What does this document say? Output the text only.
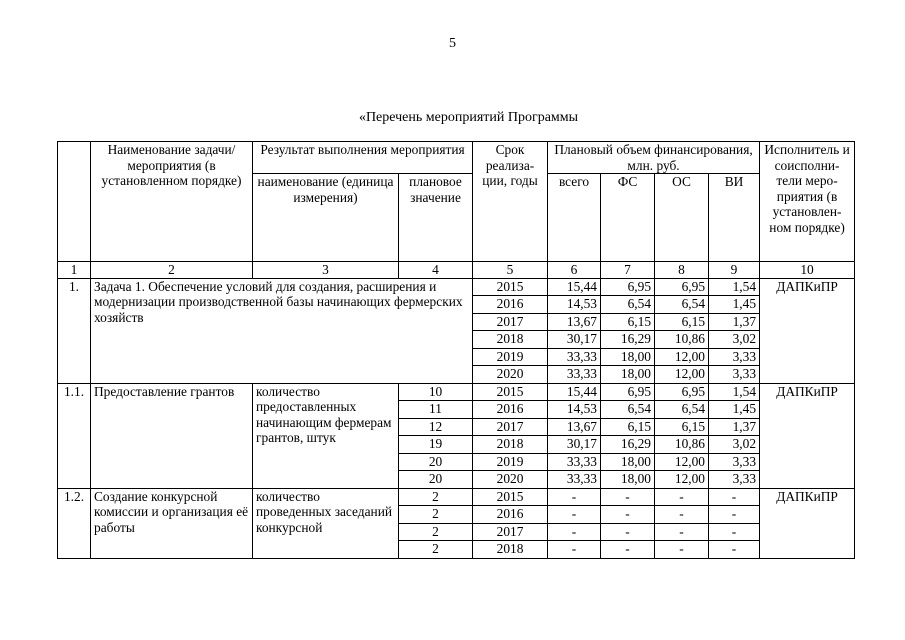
5
«Перечень мероприятий Программы
	Наименование задачи/мероприятия (в установленном порядке)	Результат выполнения мероприятия		Срок реализа-ции, годы	Плановый объем финансирования, млн. руб.				Исполнитель и соисполни-тели меро-приятия (в установлен-ном порядке)
		наименование (единица измерения)	плановое значение		всего	ФС	ОС	ВИ	
1	2	3	4	5	6	7	8	9	10
1.	Задача 1. Обеспечение условий для создания, расширения и модернизации производственной базы начинающих фермерских хозяйств			2015	15,44	6,95	6,95	1,54	ДАПКиПР
				2016	14,53	6,54	6,54	1,45	
				2017	13,67	6,15	6,15	1,37	
				2018	30,17	16,29	10,86	3,02	
				2019	33,33	18,00	12,00	3,33	
				2020	33,33	18,00	12,00	3,33	
1.1.	Предоставление грантов	количество предоставленных начинающим фермерам грантов, штук	10	2015	15,44	6,95	6,95	1,54	ДАПКиПР
			11	2016	14,53	6,54	6,54	1,45	
			12	2017	13,67	6,15	6,15	1,37	
			19	2018	30,17	16,29	10,86	3,02	
			20	2019	33,33	18,00	12,00	3,33	
			20	2020	33,33	18,00	12,00	3,33	
1.2.	Создание конкурсной комиссии и организация её работы	количество проведенных заседаний конкурсной	2	2015	-	-	-	-	ДАПКиПР
			2	2016	-	-	-	-	
			2	2017	-	-	-	-	
			2	2018	-	-	-	-	
